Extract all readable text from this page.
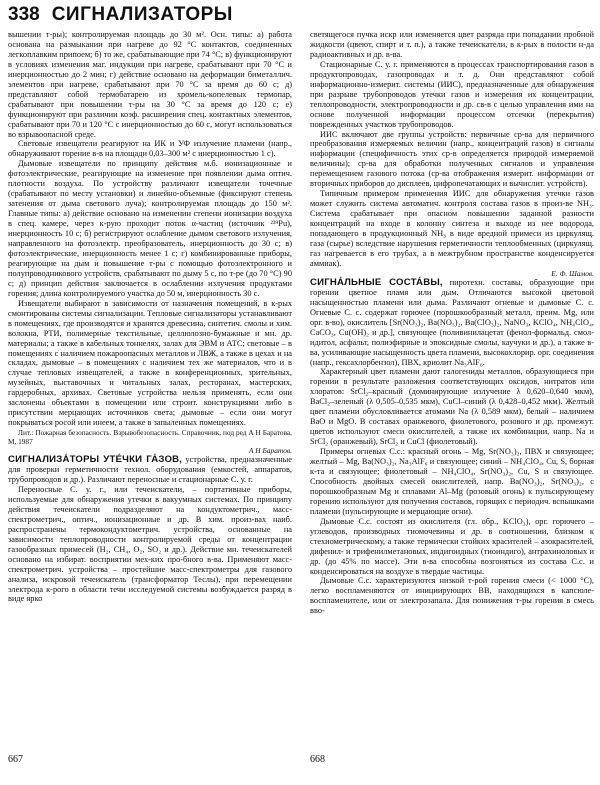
338 СИГНАЛИЗАТОРЫ

вышении т-ры); контролируемая площадь до 30 м². Осн. типы: а) работа основана на размыкании при нагреве до 92 °С контактов, соединенных легкоплавким припоем; б) то же, срабатывающие при 74 °С; в) функционируют в условиях изменения маг. индукции при нагреве, срабатывают при 70 °С и инерционностью до 2 мин; г) действие основано на деформации биметаллич. элементов при нагреве, срабатывают при 70 °С за время до 60 с; д) представляют собой термобатарею из хромель-копелевых термопар, срабатывают при повышении т-ры на 30 °С за время до 120 с; е) функционируют при различии коэф. расширения спец. контактных элементов, срабатывают при 70 и 120 °С с инерционностью до 60 с, могут использоваться во взрывоопасной среде.

Световые извещатели реагируют на ИК и УФ излучение пламени (напр., обнаруживают горение в-в на площади 0,03–300 м² с инерционностью 1 с).

Дымовые извещатели по принципу действия м.б. ионизационные и фотоэлектрические, реагирующие на изменение при появлении дыма оптич. плотности воздуха. По устройству различают извещатели точечные (срабатывают по месту установки) и линейно-объемные (фиксируют степень затенения от дыма светового луча); контролируемая площадь до 150 м². Главные типы: а) действие основано на изменении степени ионизации воздуха в спец. камере, через к-рую проходит поток α-частиц (источник ²³⁹Pu), инерционность 10 с; б) регистрируют ослабление дымом светового излучения, направленного на фотоэлектр. преобразователь, инерционность до 30 с; в) фотоэлектрические, инерционность менее 1 с; г) комбинированные приборы, реагирующие на дым и повышение т-ры с помощью фотоэлектронного и полупроводникового устройств, срабатывают по дыму 5 с, по т-ре (до 70 °С) 90 с; д) принцип действия заключается в ослаблении излучения продуктами горения; длина контролируемого участка до 50 м, инерционность 30 с.

Извещатели выбирают в зависимости от назначения помещений, в к-рых смонтированы системы сигнализации. Тепловые сигнализаторы устанавливают в помещениях, где производятся и хранятся древесина, синтетич. смолы и хим. волокна, РТИ, полимерные текстильные, целлюлозно-бумажные и мн. др. материалы; а также в кабельных тоннелях, залах для ЭВМ и АТС; световые – в помещениях с наличием пожароопасных металлов и ЛВЖ, а также в цехах и на складах, дымовые – в помещениях с наличием тех же материалов, что и в случае тепловых извещателей, а также в конференционных, зрительных, музейных, выставочных и читальных залах, ресторанах, мастерских, гардеробных, архивах. Световые устройства нельзя применять, если они заслонены объектами в помещении или строит. конструкциями либо в присутствии мерцающих источников света; дымовые – если они могут покрываться росой или инеем, а также в запыленных помещениях.

Лит.: Пожарная безопасность. Взрывобезопасность. Справочник, под ред А Н Баратова, М, 1987

А Н Баратов.

СИГНАЛИЗА́ТОРЫ УТЕ́ЧКИ ГА́ЗОВ, устройства, предназначенные для проверки герметичности технол. оборудования (емкостей, аппаратов, трубопроводов и др.). Различают переносные и стационарные С. у. г.

Переносные С. у. г., или течеискатели, – портативные приборы, используемые для обнаружения утечки в вакуумных системах. По принципу действия течеискатели подразделяют на кондуктометрич., масс-спектрометрич., оптич., ионизационные и др. В хим. произ-вах наиб. распространены термокондуктометрич. устройства, основанные на зависимости теплопроводности контролируемой среды от концентрации газообразных примесей (H₂, CH₄, O₂, SO₂ и др.). Действие мн. течеискателей основано на избират. восприятии мех-ких про-бного в-ва. Применяют масс-спектрометрич. устройства – простейшие масс-спектрометры для газового анализа, искровой течеискатель (трансформатор Теслы), при перемещении электрода к-рого в области течи исследуемой системы возбуждается разряд в виде ярко

светящегося пучка искр или изменяется цвет разряда при попадании пробной жидкости (цвеют, спирт и т. п.), а также течеискатели, в к-рых в полости н-да радиоактивных и др. в-ва.

Стационарные С. у. г. применяются в процессах транспортирования газов в продуктопроводах, газопроводах и т. д. Они представляют собой информационно-измерит. системы (ИИС), предназначенные для обнаружения при разрыве трубопроводов утечки газов и измерения их концентрации, теплопроводности, электропроводности и др. св-в с целью управления ими на основе полученной информации процессом отсечки (перекрытия) поврежденных участков трубопроводов.

ИИС включают две группы устройств: первичные ср-ва для первичного преобразования измеряемых величин (напр., концентраций газов) в сигналы информации (специфичность этих ср-в определяется природой измеряемой величины); ср-ва для обработки полученных сигналов и управления перемещением газового потока (ср-ва отображения измерит. информации от вторичных приборов до дисплеев, цифропечатающих и вычислит. устройств).

Типичным примером применения ИИС для обнаружения утечки газов может служить система автоматич. контроля состава газов в произ-ве NH₃. Система срабатывает при опасном повышении заданной разности концентраций на входе в колонну синтеза и выходе из нее водорода, попадающего в продукционный NH₃ в виде вредной примеси из циркулящ. газа (сырье) вследствие нарушения герметичности теплообменных (циркулящ. газ нагревается в его трубах, а в межтрубном пространстве конденсируется аммиак).

Е. Ф. Шамов.

СИГНА́ЛЬНЫЕ СОСТА́ВЫ, пиротехн. составы, образующие при горении цветное пламя или дым. Отличаются высокой цветовой насыщенностью пламени или дыма. Различают огневые и дымовые С. с. Огневые С. с. содержат горючее (порошкообразный металл, преим. Mg, или орг. в-во), окислитель [Sr(NO₃)₂, Ba(NO₃)₂, Ba(ClO₃)₂, NaNO₃, KClO₄, NH₄ClO₄, CaCO₃, Cu(OH)₂ и др.], связующее (поливинилацетат (фенол-формальд. смол-идитол, асфальт, полиэфирные и эпоксидные смолы, каучуки и др.), а также в-ва, усиливающие насыщенность цвета пламени, высокохлорир. орг. соединения (напр., гексахлорбензол), ПВХ, криолит Na₃AlF₆.

Характерный цвет пламени дают галогениды металлов, образующиеся при горении в результате разложения соответствующих оксидов, нитратов или хлоратов: SrCl₂–красный (доминирующие излучение λ 0,620–0,640 мкм), BaCl₂–зеленый (λ 0,505–0,535 мкм), CuCl–синий (λ 0,428–0,452 мкм). Желтый цвет пламени обусловливается атомами Na (λ 0,589 мкм), белый – наличием BaO и MgO. В составах оранжевого, фиолетового, розового и др. промежут. цветов используют смеси окислителей, а также их комбинации, напр. Na и SrCl₂ (оранжевый), SrCl₂ и CuCl (фиолетовый).

Примеры огневых С.с.: красный огонь – Mg, Sr(NO₃)₂, ПВХ и связующее; желтый – Mg, Ba(NO₃)₂, Na₃AlF₆ и связующее; синий – NH₄ClO₄, Cu, S, борная к-та и связующее; фиолетовый – NH₄ClO₄, Sr(NO₃)₂, Cu, S и связующее. Способность двойных смесей окислителей, напр. Ba(NO₃)₂, Sr(NO₃)₂, с порошкообразным Mg и сплавами Al–Mg (розовый огонь) к пульсирующему горению используют для получения составов, горящих с периодич. вспышками пламени (пульсирующие и мерцающие огни).

Дымовые С.с. состоят из окислителя (гл. обр., KClO₃), орг. горючего – углеводов, производных тиомочевины и др. в соотношении, близком к стехиометрическому, а также термически стойких красителей – азокрасителей, дифенил- и трифенилметановых, индигоидных (тиоиндиго), антрахиноловых и др. (до 45% по массе). Эти в-ва способны возгоняться из состава С.с. и конденсироваться на воздухе в твердые частицы.

Дымовые С.с. характеризуются низкой т-рой горения смеси (< 1000 °С), легко воспламеняются от инициирующих ВВ, находящихся в капсюле-воспламенителе, или от электрозапала. Для понижения т-ры горения в смесь вво-

667	668
